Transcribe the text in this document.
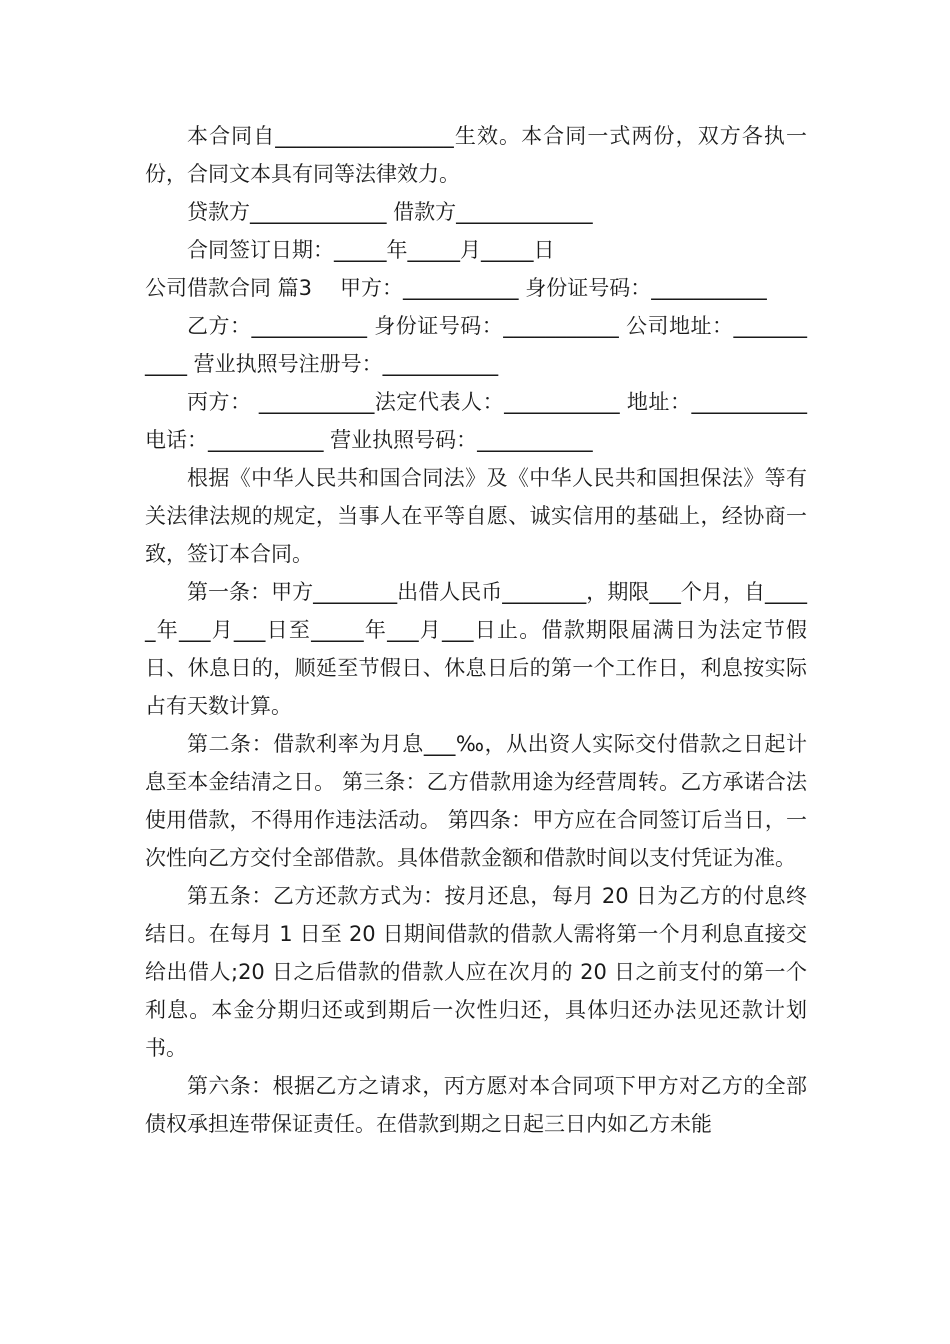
本合同自_________________生效。本合同一式两份，双方各执一份，合同文本具有同等法律效力。

贷款方_____________ 借款方_____________

合同签订日期：_____年_____月_____日

公司借款合同 篇3 甲方：___________ 身份证号码：___________

乙方：___________ 身份证号码：___________ 公司地址：___________ 营业执照号注册号：___________

丙方： ___________法定代表人：___________ 地址：___________电话：___________ 营业执照号码：___________

根据《中华人民共和国合同法》及《中华人民共和国担保法》等有关法律法规的规定，当事人在平等自愿、诚实信用的基础上，经协商一致，签订本合同。

第一条：甲方________出借人民币________，期限___个月，自_____年___月___日至_____年___月___日止。借款期限届满日为法定节假日、休息日的，顺延至节假日、休息日后的第一个工作日，利息按实际占有天数计算。

第二条：借款利率为月息___‰，从出资人实际交付借款之日起计息至本金结清之日。 第三条：乙方借款用途为经营周转。乙方承诺合法使用借款，不得用作违法活动。 第四条：甲方应在合同签订后当日，一次性向乙方交付全部借款。具体借款金额和借款时间以支付凭证为准。

第五条：乙方还款方式为：按月还息，每月 20 日为乙方的付息终结日。在每月 1 日至 20 日期间借款的借款人需将第一个月利息直接交给出借人;20 日之后借款的借款人应在次月的 20 日之前支付的第一个利息。本金分期归还或到期后一次性归还，具体归还办法见还款计划书。

第六条：根据乙方之请求，丙方愿对本合同项下甲方对乙方的全部债权承担连带保证责任。在借款到期之日起三日内如乙方未能
